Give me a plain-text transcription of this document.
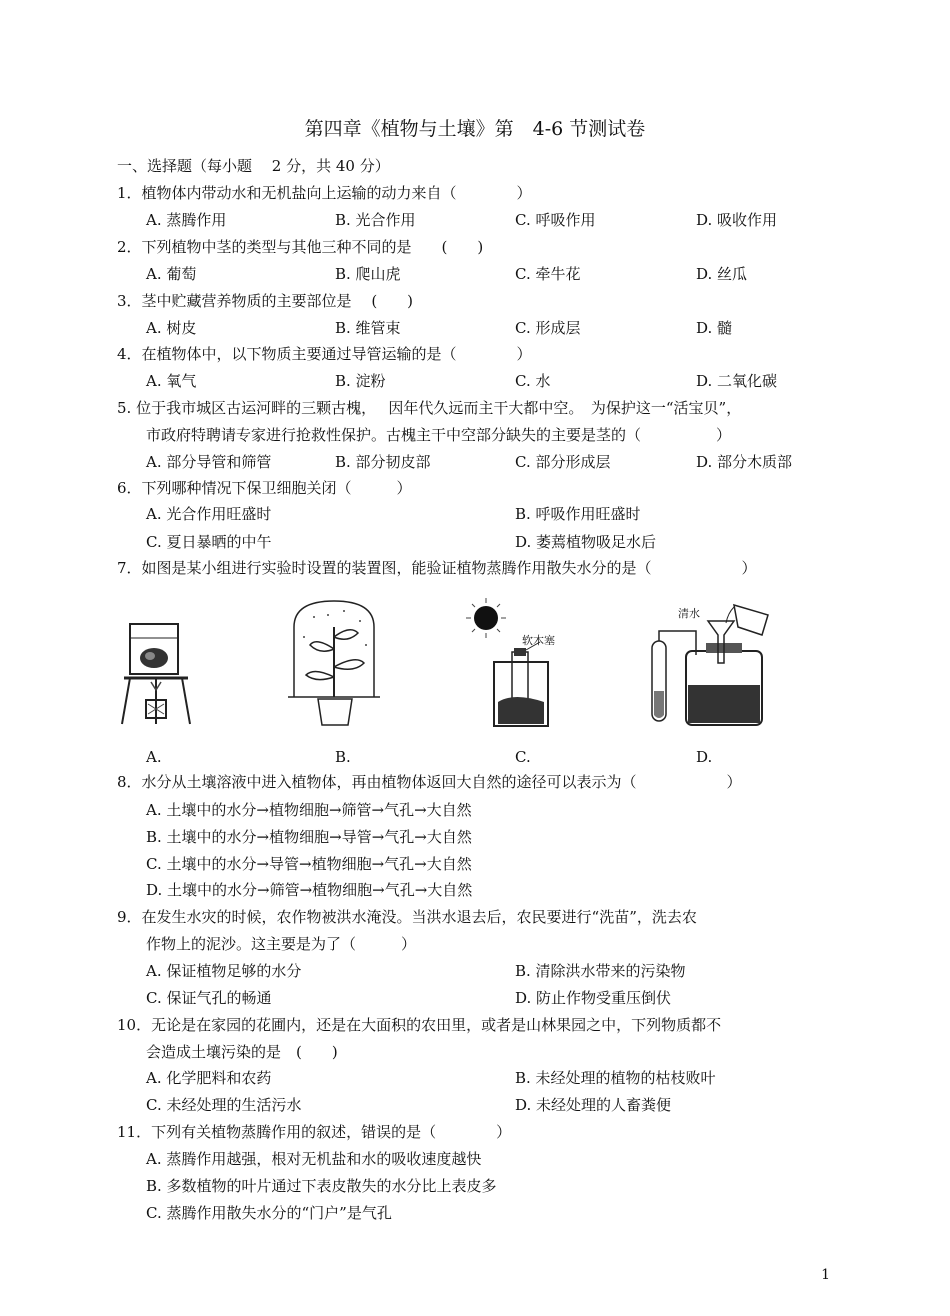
第四章《植物与土壤》第　4-6 节测试卷
一、选择题（每小题　 2 分，共 40 分）
1．植物体内带动水和无机盐向上运输的动力来自（　　　　）
A. 蒸腾作用	B. 光合作用	C. 呼吸作用	D. 吸收作用
2．下列植物中茎的类型与其他三种不同的是　　(　　)
A. 葡萄	B. 爬山虎	C. 牵牛花	D. 丝瓜
3．茎中贮藏营养物质的主要部位是　 (　　)
A. 树皮	B. 维管束	C. 形成层	D. 髓
4．在植物体中，以下物质主要通过导管运输的是（　　　　）
A. 氧气	B. 淀粉	C. 水	D. 二氧化碳
5. 位于我市城区古运河畔的三颗古槐，　 因年代久远而主干大都中空。　为保护这一“活宝贝”，
市政府特聘请专家进行抢救性保护。古槐主干中空部分缺失的主要是茎的（　　　　　）
A. 部分导管和筛管	B. 部分韧皮部	C. 部分形成层	D. 部分木质部
6．下列哪种情况下保卫细胞关闭（　　　）
A. 光合作用旺盛时	B. 呼吸作用旺盛时
C. 夏日暴晒的中午	D. 萎蔫植物吸足水后
7．如图是某小组进行实验时设置的装置图，能验证植物蒸腾作用散失水分的是（　　　　　　）
软木塞
清水
A.	B.	C.	D.
8．水分从土壤溶液中进入植物体，再由植物体返回大自然的途径可以表示为（　　　　　　）
A. 土壤中的水分→植物细胞→筛管→气孔→大自然
B. 土壤中的水分→植物细胞→导管→气孔→大自然
C. 土壤中的水分→导管→植物细胞→气孔→大自然
D. 土壤中的水分→筛管→植物细胞→气孔→大自然
9．在发生水灾的时候，农作物被洪水淹没。当洪水退去后，农民要进行“洗苗”，洗去农
作物上的泥沙。这主要是为了（　　　）
A. 保证植物足够的水分	B. 清除洪水带来的污染物
C. 保证气孔的畅通	D. 防止作物受重压倒伏
10．无论是在家园的花圃内，还是在大面积的农田里，或者是山林果园之中，下列物质都不
会造成土壤污染的是　(　　)
A. 化学肥料和农药	B. 未经处理的植物的枯枝败叶
C. 未经处理的生活污水	D. 未经处理的人畜粪便
11．下列有关植物蒸腾作用的叙述，错误的是（　　　　）
A. 蒸腾作用越强，根对无机盐和水的吸收速度越快
B. 多数植物的叶片通过下表皮散失的水分比上表皮多
C. 蒸腾作用散失水分的“门户”是气孔
1
